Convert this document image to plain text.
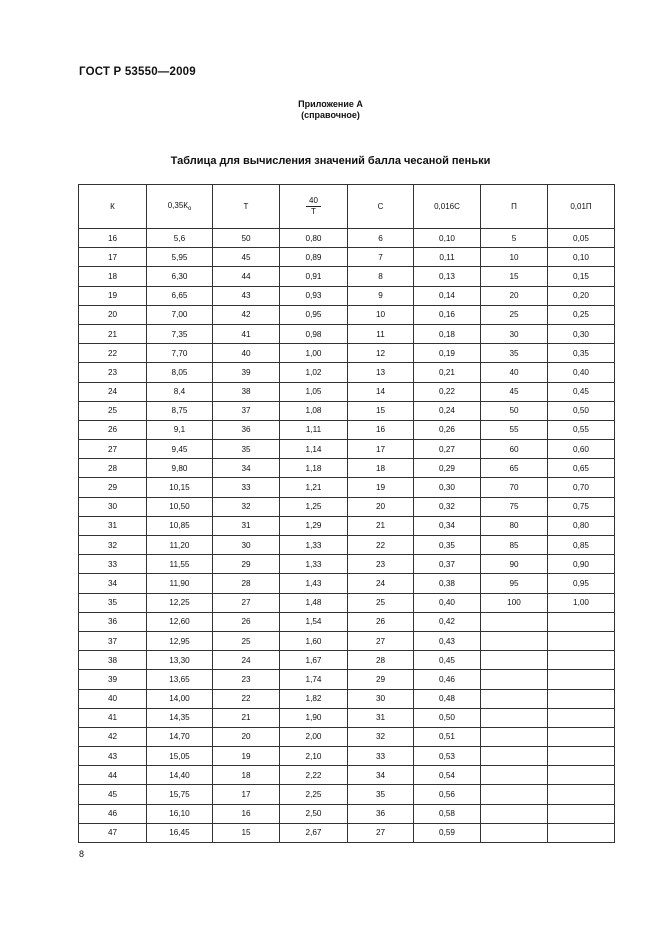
ГОСТ Р 53550—2009
Приложение А
(справочное)
Таблица для вычисления значений балла чесаной пеньки
К	$0,35К_о$	Т	$\frac{40}{Т}$	С	0,016С	П	0,01П
16	5,6	50	0,80	6	0,10	5	0,05
17	5,95	45	0,89	7	0,11	10	0,10
18	6,30	44	0,91	8	0,13	15	0,15
19	6,65	43	0,93	9	0,14	20	0,20
20	7,00	42	0,95	10	0,16	25	0,25
21	7,35	41	0,98	11	0,18	30	0,30
22	7,70	40	1,00	12	0,19	35	0,35
23	8,05	39	1,02	13	0,21	40	0,40
24	8,4	38	1,05	14	0,22	45	0,45
25	8,75	37	1,08	15	0,24	50	0,50
26	9,1	36	1,11	16	0,26	55	0,55
27	9,45	35	1,14	17	0,27	60	0,60
28	9,80	34	1,18	18	0,29	65	0,65
29	10,15	33	1,21	19	0,30	70	0,70
30	10,50	32	1,25	20	0,32	75	0,75
31	10,85	31	1,29	21	0,34	80	0,80
32	11,20	30	1,33	22	0,35	85	0,85
33	11,55	29	1,33	23	0,37	90	0,90
34	11,90	28	1,43	24	0,38	95	0,95
35	12,25	27	1,48	25	0,40	100	1,00
36	12,60	26	1,54	26	0,42		
37	12,95	25	1,60	27	0,43		
38	13,30	24	1,67	28	0,45		
39	13,65	23	1,74	29	0,46		
40	14,00	22	1,82	30	0,48		
41	14,35	21	1,90	31	0,50		
42	14,70	20	2,00	32	0,51		
43	15,05	19	2,10	33	0,53		
44	14,40	18	2,22	34	0,54		
45	15,75	17	2,25	35	0,56		
46	16,10	16	2,50	36	0,58		
47	16,45	15	2,67	27	0,59		
8
